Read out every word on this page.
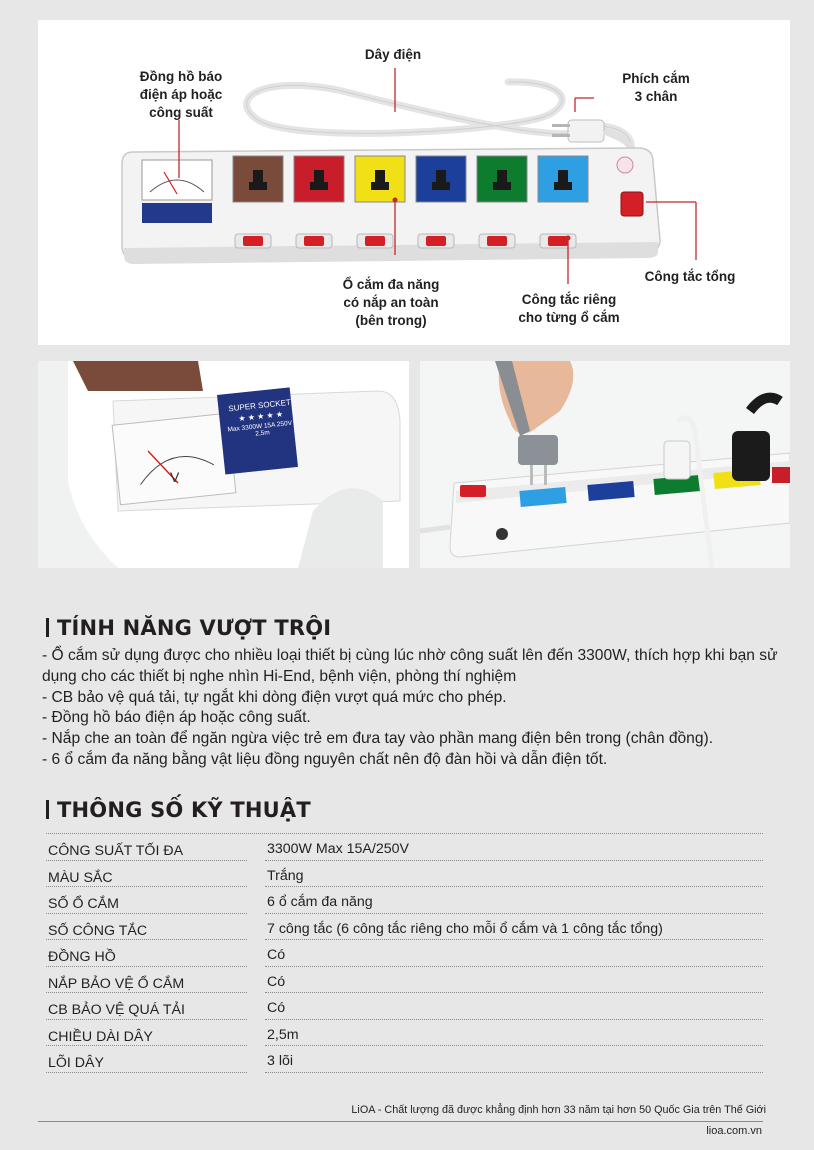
Đồng hồ báo
điện áp hoặc
công suất
Dây điện
Phích cắm
3 chân
Ổ cắm đa năng
có nắp an toàn
(bên trong)
Công tắc riêng
cho từng ổ cắm
Công tắc tổng
SUPER SOCKET
★ ★ ★ ★ ★
Max 3300W 15A 250V - 2,5m
V
TÍNH NĂNG VƯỢT TRỘI
- Ổ cắm sử dụng được cho nhiều loại thiết bị cùng lúc nhờ công suất lên đến 3300W, thích hợp khi bạn sử dụng cho các thiết bị nghe nhìn Hi-End, bệnh viện, phòng thí nghiệm
- CB bảo vệ quá tải, tự ngắt khi dòng điện vượt quá mức cho phép.
- Đồng hồ báo điện áp hoặc công suất.
- Nắp che an toàn để ngăn ngừa việc trẻ em đưa tay vào phần mang điện bên trong (chân đồng).
- 6 ổ cắm đa năng bằng vật liệu đồng nguyên chất nên độ đàn hồi và dẫn điện tốt.
THÔNG SỐ KỸ THUẬT
CÔNG SUẤT TỐI ĐA	3300W Max 15A/250V
MÀU SẮC	Trắng
SỐ Ổ CẮM	6 ổ cắm đa năng
SỐ CÔNG TẮC	7 công tắc (6 công tắc riêng cho mỗi ổ cắm và 1 công tắc tổng)
ĐỒNG HỒ	Có
NẮP BẢO VỆ Ổ CẮM	Có
CB BẢO VỆ QUÁ TẢI	Có
CHIỀU DÀI DÂY	2,5m
LÕI DÂY	3 lõi
LiOA - Chất lượng đã được khẳng định hơn 33 năm tại hơn 50 Quốc Gia trên Thế Giới
lioa.com.vn
